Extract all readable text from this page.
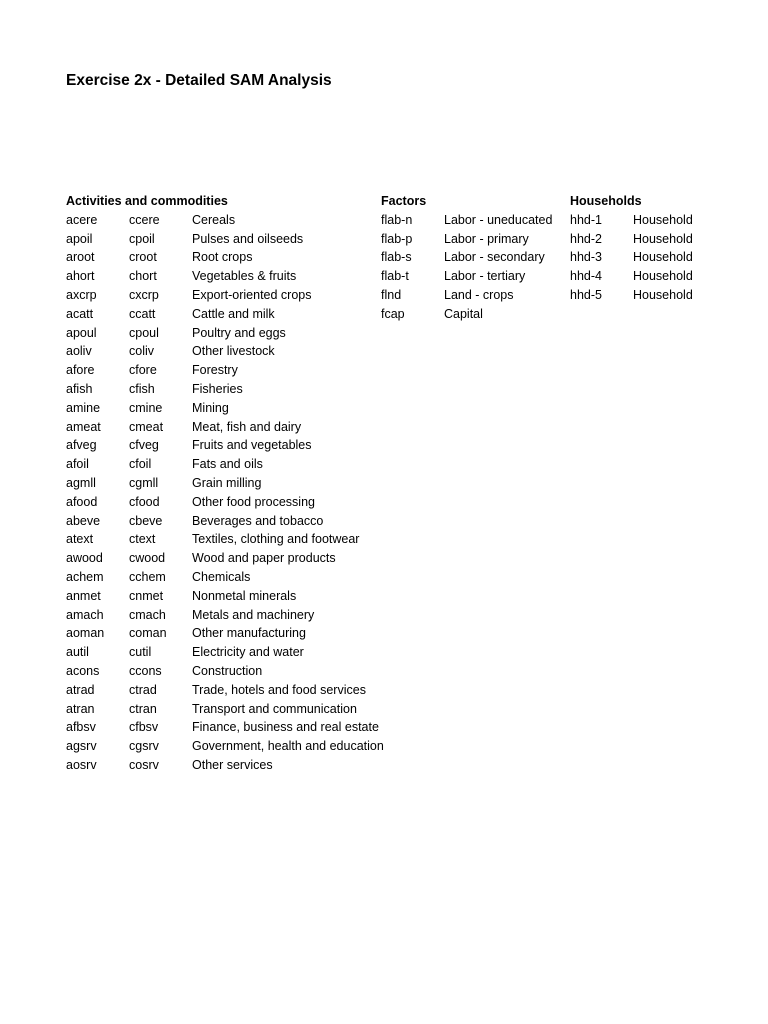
Exercise 2x - Detailed SAM Analysis
Activities and commodities
acere	ccere	Cereals
apoil	cpoil	Pulses and oilseeds
aroot	croot	Root crops
ahort	chort	Vegetables & fruits
axcrp	cxcrp	Export-oriented crops
acatt	ccatt	Cattle and milk
apoul	cpoul	Poultry and eggs
aoliv	coliv	Other livestock
afore	cfore	Forestry
afish	cfish	Fisheries
amine cmine Mining
ameat cmeat Meat, fish and dairy
afveg	cfveg	Fruits and vegetables
afoil	cfoil	Fats and oils
agmll	cgmll	Grain milling
afood	cfood	Other food processing
abeve cbeve Beverages and tobacco
atext	ctext	Textiles, clothing and footwear
awood cwood Wood and paper products
achem cchem Chemicals
anmet cnmet Nonmetal minerals
amach cmach Metals and machinery
aoman coman Other manufacturing
autil	cutil	Electricity and water
acons ccons Construction
atrad	ctrad	Trade, hotels and food services
atran	ctran	Transport and communication
afbsv	cfbsv	Finance, business and real estate
agsrv	cgsrv	Government, health and education
aosrv	cosrv	Other services
Factors
flab-n	Labor - uneducated
flab-p	Labor - primary
flab-s	Labor - secondary
flab-t	Labor - tertiary
flnd	Land - crops
fcap	Capital
Households
hhd-1 Household
hhd-2 Household
hhd-3 Household
hhd-4 Household
hhd-5 Household
